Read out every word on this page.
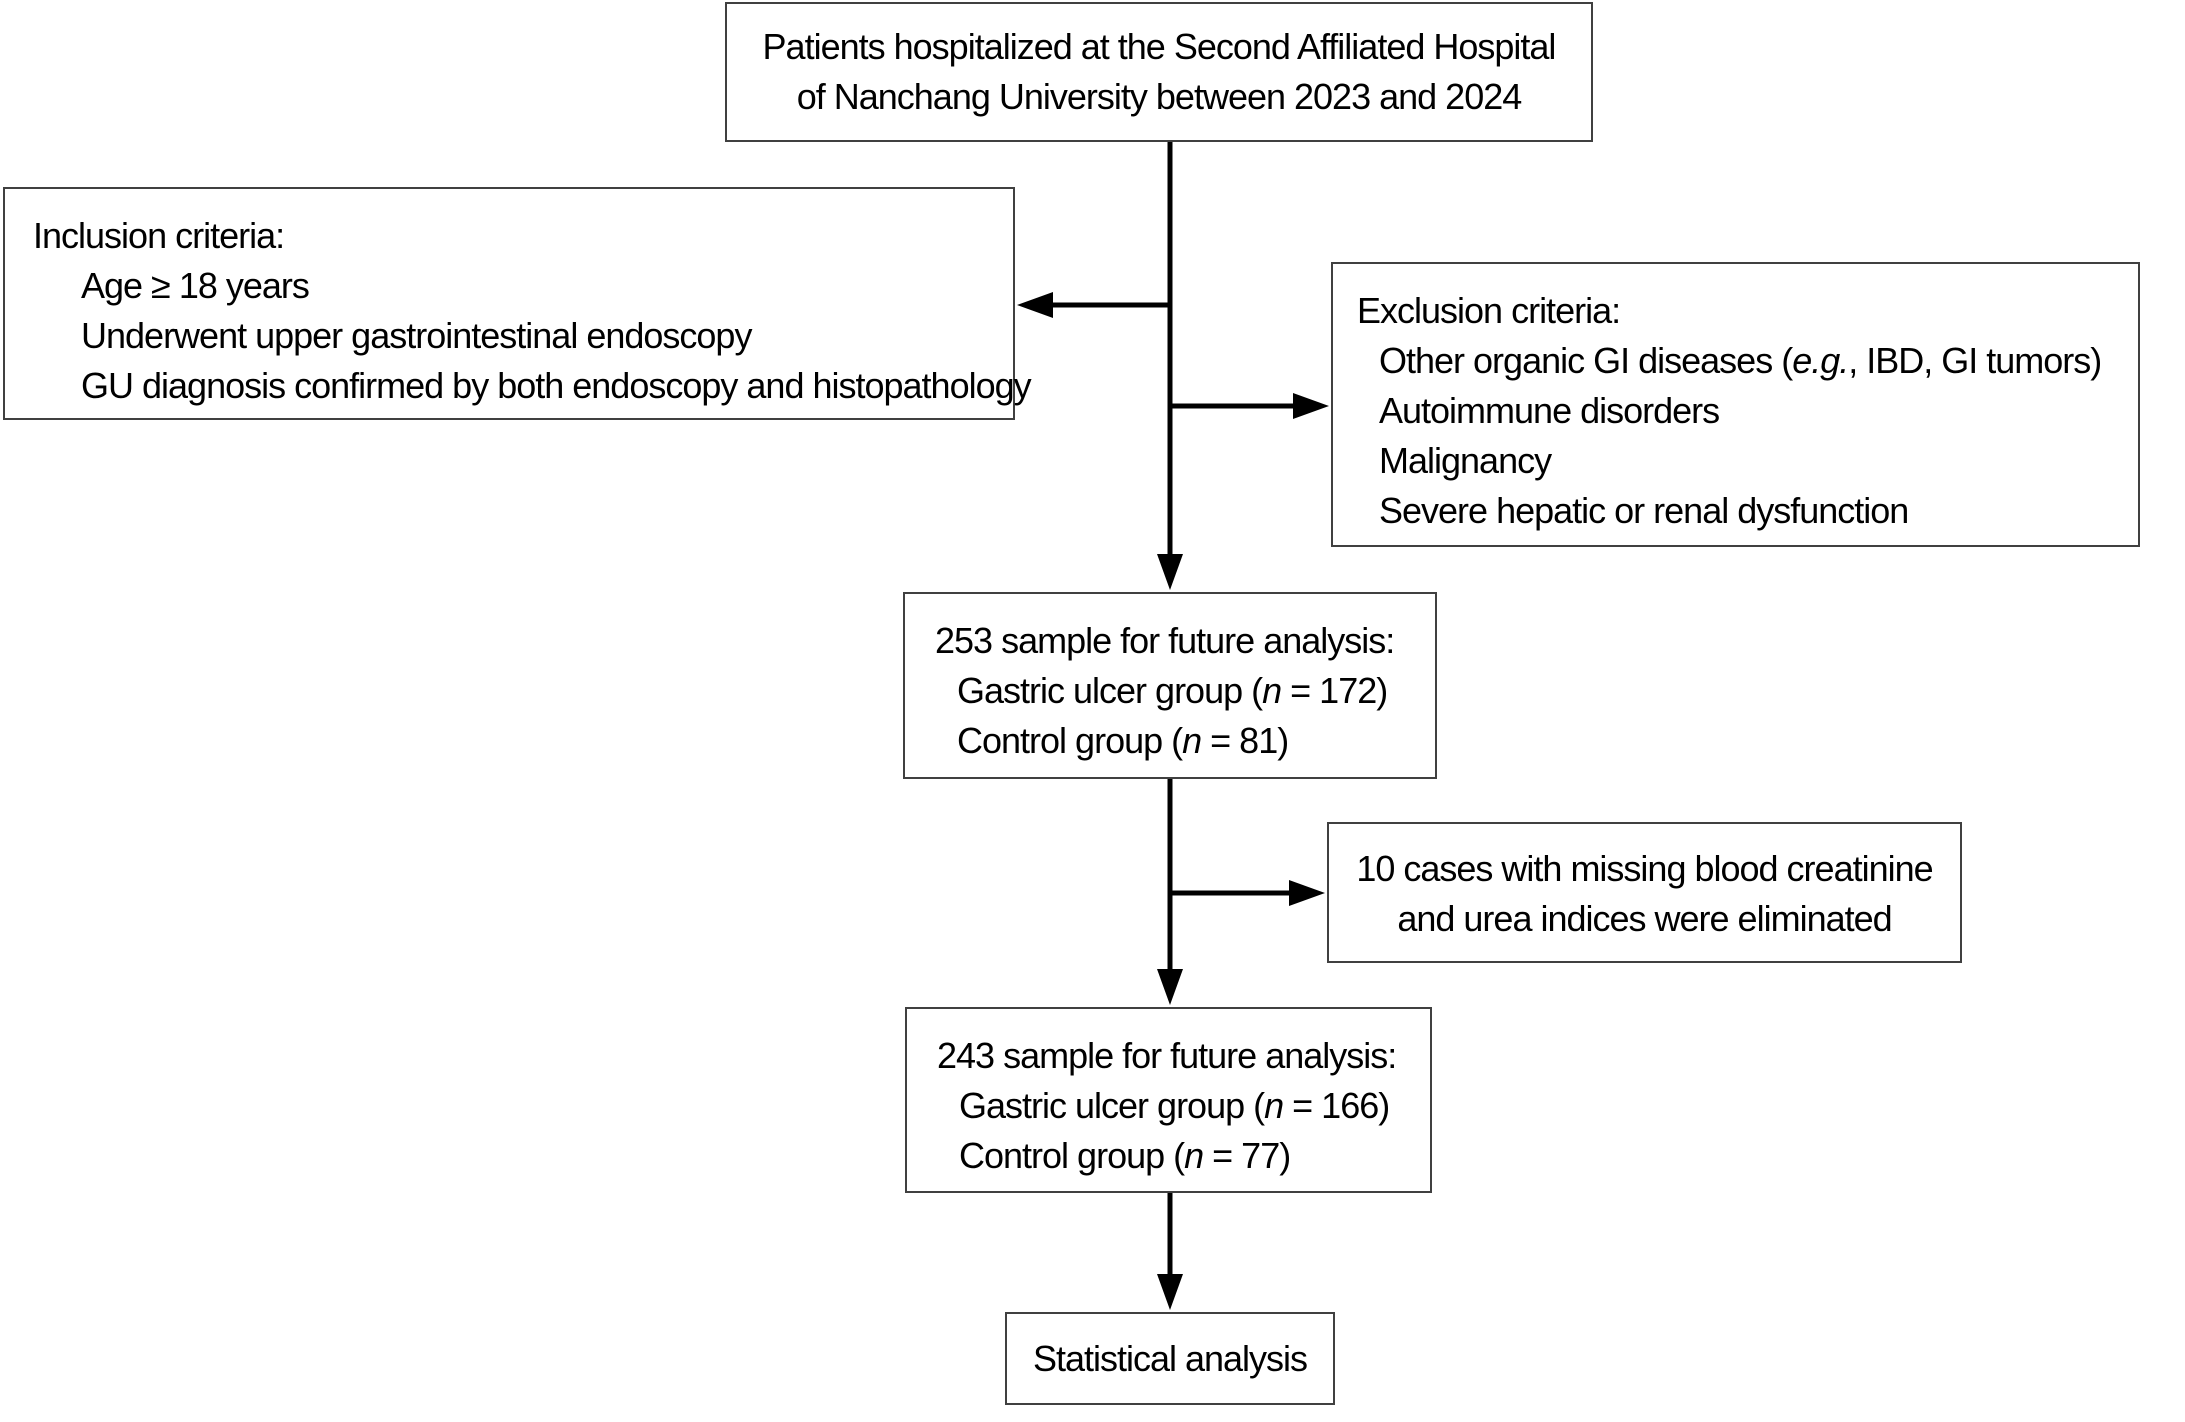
Patients hospitalized at the Second Affiliated Hospital
of Nanchang University between 2023 and 2024
Inclusion criteria:
Age ≥ 18 years
Underwent upper gastrointestinal endoscopy
GU diagnosis confirmed by both endoscopy and histopathology
Exclusion criteria:
Other organic GI diseases (e.g., IBD, GI tumors)
Autoimmune disorders
Malignancy
Severe hepatic or renal dysfunction
253 sample for future analysis:
Gastric ulcer group (n = 172)
Control group (n = 81)
10 cases with missing blood creatinine
and urea indices were eliminated
243 sample for future analysis:
Gastric ulcer group (n = 166)
Control group (n = 77)
Statistical analysis
